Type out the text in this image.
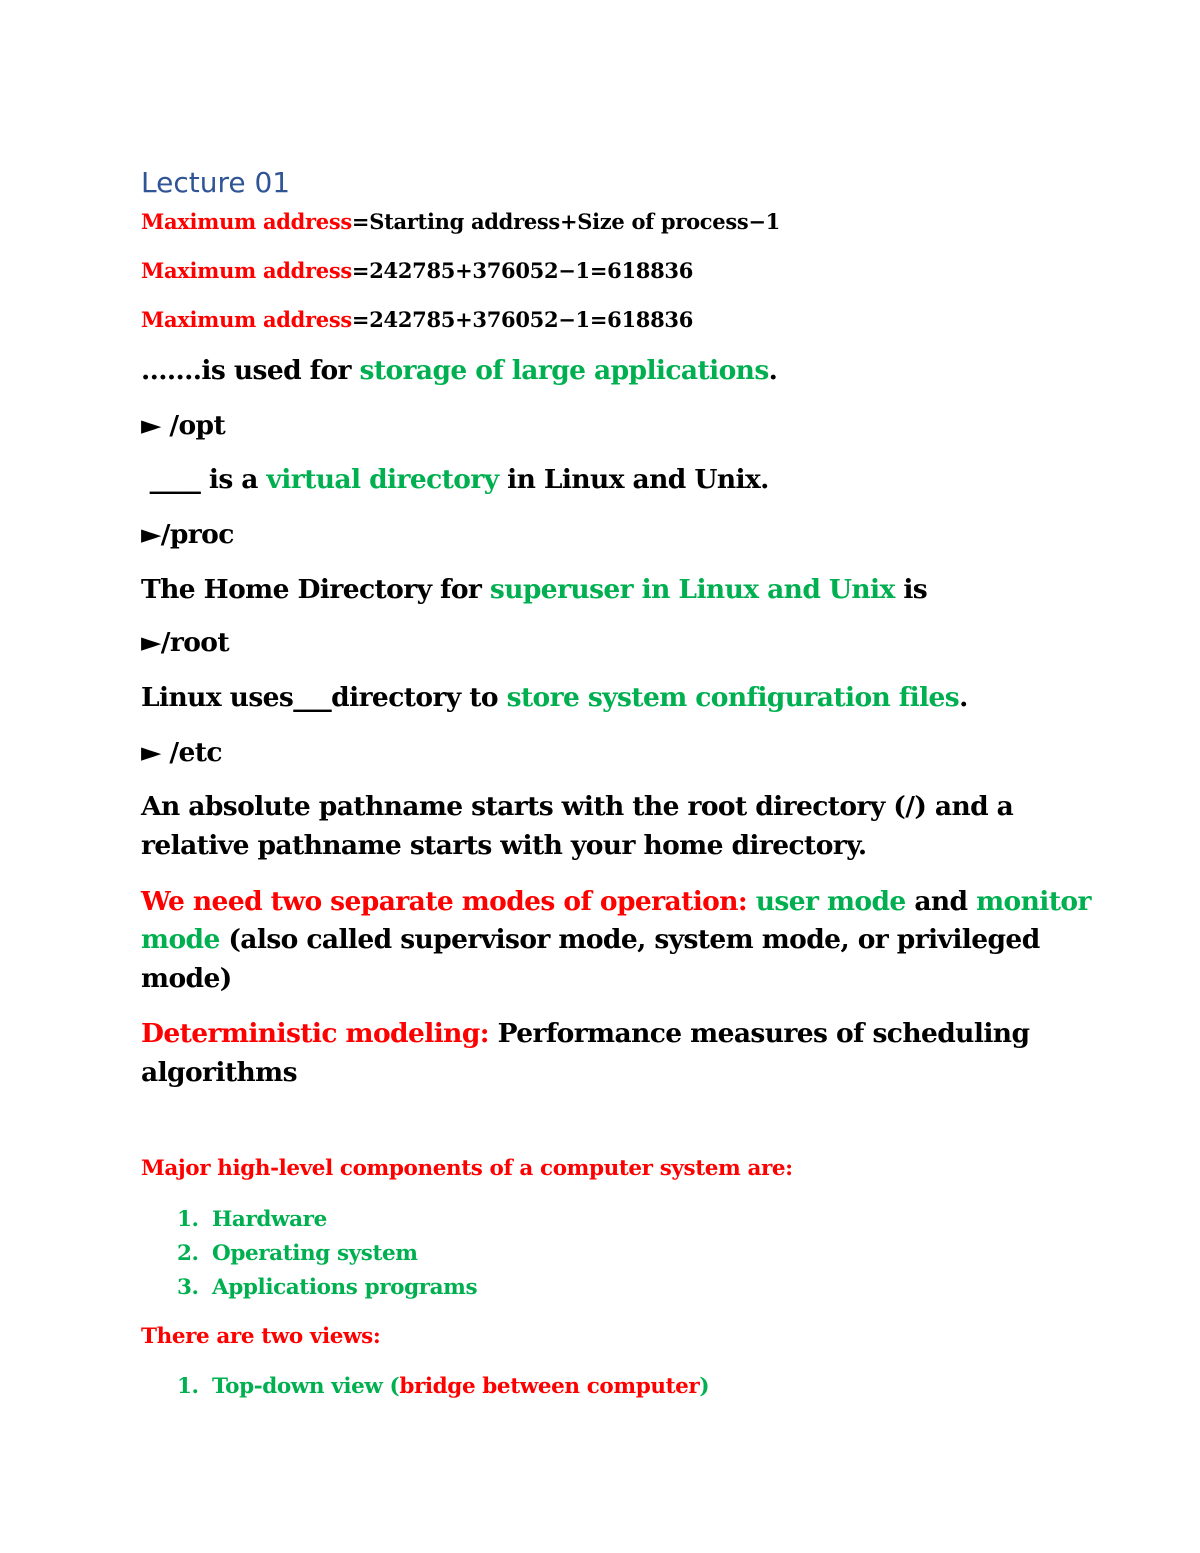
Lecture 01
Maximum address=Starting address+Size of process−1
Maximum address=242785+376052−1=618836
Maximum address=242785+376052−1=618836
…….is used for storage of large applications.
► /opt
____ is a virtual directory in Linux and Unix.
►/proc
The Home Directory for superuser in Linux and Unix is
►/root
Linux uses___directory to store system configuration files.
► /etc
An absolute pathname starts with the root directory (/) and a
relative pathname starts with your home directory.
We need two separate modes of operation: user mode and monitor
mode (also called supervisor mode, system mode, or privileged
mode)
Deterministic modeling: Performance measures of scheduling
algorithms
Major high-level components of a computer system are:
1. Hardware
2. Operating system
3. Applications programs
There are two views:
1. Top-down view (bridge between computer)
